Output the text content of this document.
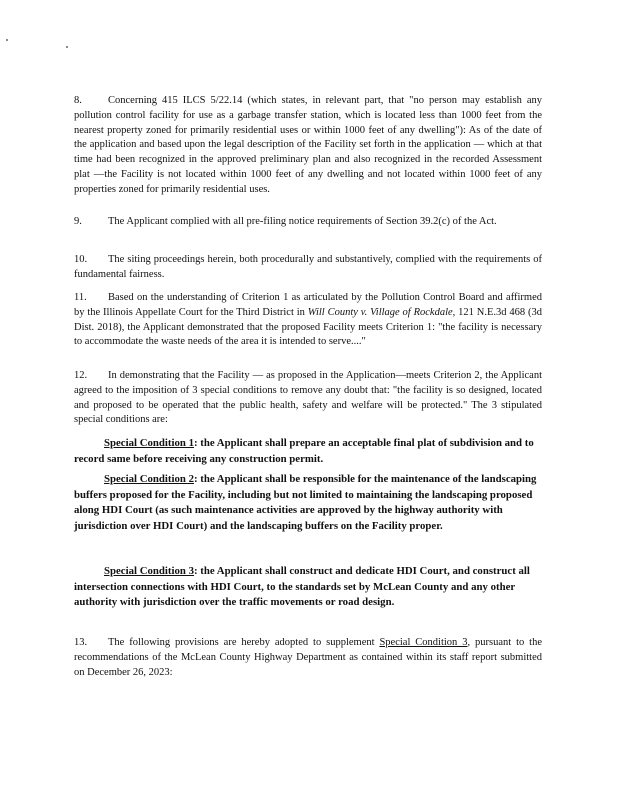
8. Concerning 415 ILCS 5/22.14 (which states, in relevant part, that "no person may establish any pollution control facility for use as a garbage transfer station, which is located less than 1000 feet from the nearest property zoned for primarily residential uses or within 1000 feet of any dwelling"): As of the date of the application and based upon the legal description of the Facility set forth in the application — which at that time had been recognized in the approved preliminary plan and also recognized in the recorded Assessment plat —the Facility is not located within 1000 feet of any dwelling and not located within 1000 feet of any properties zoned for primarily residential uses.
9. The Applicant complied with all pre-filing notice requirements of Section 39.2(c) of the Act.
10. The siting proceedings herein, both procedurally and substantively, complied with the requirements of fundamental fairness.
11. Based on the understanding of Criterion 1 as articulated by the Pollution Control Board and affirmed by the Illinois Appellate Court for the Third District in Will County v. Village of Rockdale, 121 N.E.3d 468 (3d Dist. 2018), the Applicant demonstrated that the proposed Facility meets Criterion 1: "the facility is necessary to accommodate the waste needs of the area it is intended to serve...."
12. In demonstrating that the Facility — as proposed in the Application—meets Criterion 2, the Applicant agreed to the imposition of 3 special conditions to remove any doubt that: "the facility is so designed, located and proposed to be operated that the public health, safety and welfare will be protected." The 3 stipulated special conditions are:
Special Condition 1: the Applicant shall prepare an acceptable final plat of subdivision and to record same before receiving any construction permit.
Special Condition 2: the Applicant shall be responsible for the maintenance of the landscaping buffers proposed for the Facility, including but not limited to maintaining the landscaping proposed along HDI Court (as such maintenance activities are approved by the highway authority with jurisdiction over HDI Court) and the landscaping buffers on the Facility proper.
Special Condition 3: the Applicant shall construct and dedicate HDI Court, and construct all intersection connections with HDI Court, to the standards set by McLean County and any other authority with jurisdiction over the traffic movements or road design.
13. The following provisions are hereby adopted to supplement Special Condition 3, pursuant to the recommendations of the McLean County Highway Department as contained within its staff report submitted on December 26, 2023:
